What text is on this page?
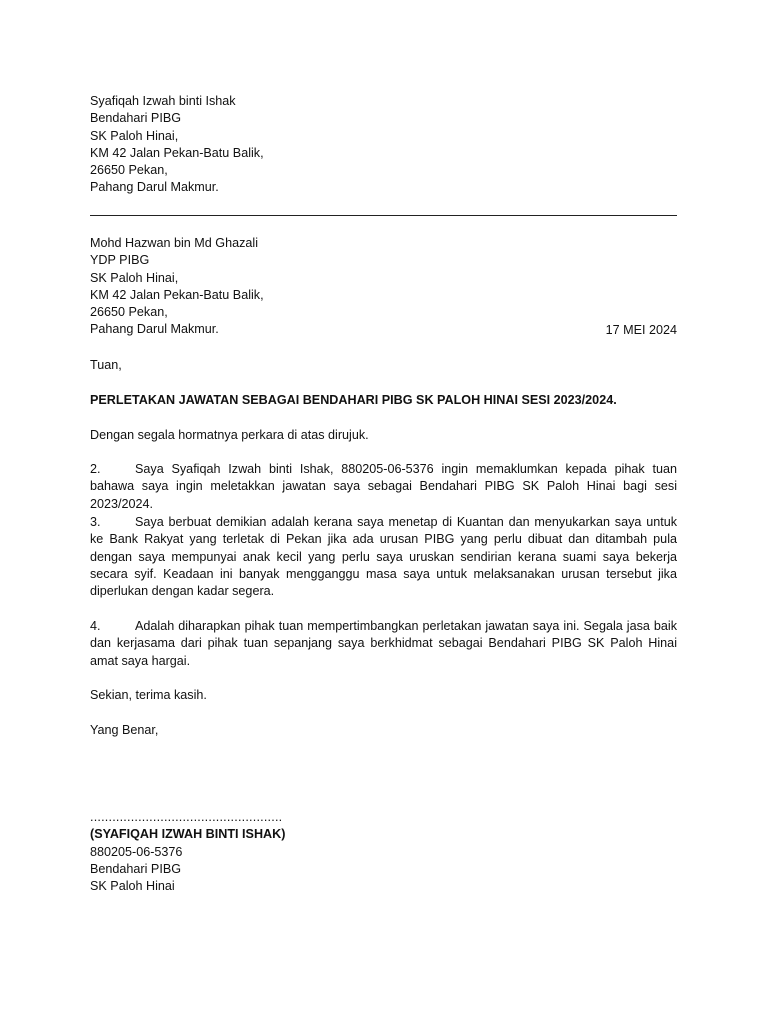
Syafiqah Izwah binti Ishak
Bendahari PIBG
SK Paloh Hinai,
KM 42 Jalan Pekan-Batu Balik,
26650 Pekan,
Pahang Darul Makmur.
Mohd Hazwan bin Md Ghazali
YDP PIBG
SK Paloh Hinai,
KM 42 Jalan Pekan-Batu Balik,
26650 Pekan,
Pahang Darul Makmur.	17 MEI 2024
Tuan,
PERLETAKAN JAWATAN SEBAGAI BENDAHARI PIBG SK PALOH HINAI SESI 2023/2024.
Dengan segala hormatnya perkara di atas dirujuk.
2.	Saya Syafiqah Izwah binti Ishak, 880205-06-5376 ingin memaklumkan kepada pihak tuan bahawa saya ingin meletakkan jawatan saya sebagai Bendahari PIBG SK Paloh Hinai bagi sesi 2023/2024.
3.	Saya berbuat demikian adalah kerana saya menetap di Kuantan dan menyukarkan saya untuk ke Bank Rakyat yang terletak di Pekan jika ada urusan PIBG yang perlu dibuat dan ditambah pula dengan saya mempunyai anak kecil yang perlu saya uruskan sendirian kerana suami saya bekerja secara syif. Keadaan ini banyak mengganggu masa saya untuk melaksanakan urusan tersebut jika diperlukan dengan kadar segera.
4.	Adalah diharapkan pihak tuan mempertimbangkan perletakan jawatan saya ini. Segala jasa baik dan kerjasama dari pihak tuan sepanjang saya berkhidmat sebagai Bendahari PIBG SK Paloh Hinai amat saya hargai.
Sekian, terima kasih.
Yang Benar,
....................................................
(SYAFIQAH IZWAH BINTI ISHAK)
880205-06-5376
Bendahari PIBG
SK Paloh Hinai
